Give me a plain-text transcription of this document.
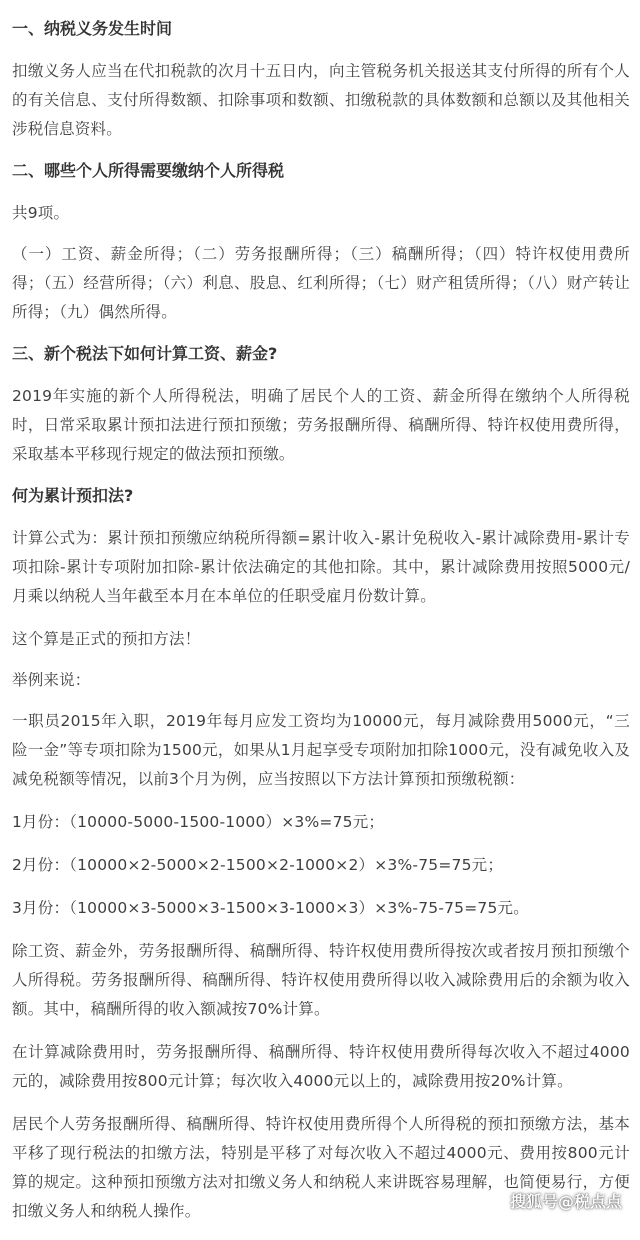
一、纳税义务发生时间
扣缴义务人应当在代扣税款的次月十五日内，向主管税务机关报送其支付所得的所有个人的有关信息、支付所得数额、扣除事项和数额、扣缴税款的具体数额和总额以及其他相关涉税信息资料。
二、哪些个人所得需要缴纳个人所得税
共9项。
（一）工资、薪金所得；（二）劳务报酬所得；（三）稿酬所得；（四）特许权使用费所得；（五）经营所得；（六）利息、股息、红利所得；（七）财产租赁所得；（八）财产转让所得；（九）偶然所得。
三、新个税法下如何计算工资、薪金?
2019年实施的新个人所得税法，明确了居民个人的工资、薪金所得在缴纳个人所得税时，日常采取累计预扣法进行预扣预缴；劳务报酬所得、稿酬所得、特许权使用费所得，采取基本平移现行规定的做法预扣预缴。
何为累计预扣法?
计算公式为：累计预扣预缴应纳税所得额=累计收入-累计免税收入-累计减除费用-累计专项扣除-累计专项附加扣除-累计依法确定的其他扣除。其中，累计减除费用按照5000元/月乘以纳税人当年截至本月在本单位的任职受雇月份数计算。
这个算是正式的预扣方法！
举例来说：
一职员2015年入职，2019年每月应发工资均为10000元，每月减除费用5000元，“三险一金”等专项扣除为1500元，如果从1月起享受专项附加扣除1000元，没有减免收入及减免税额等情况，以前3个月为例，应当按照以下方法计算预扣预缴税额：
1月份：（10000-5000-1500-1000）×3%=75元；
2月份：（10000×2-5000×2-1500×2-1000×2）×3%-75=75元；
3月份：（10000×3-5000×3-1500×3-1000×3）×3%-75-75=75元。
除工资、薪金外，劳务报酬所得、稿酬所得、特许权使用费所得按次或者按月预扣预缴个人所得税。劳务报酬所得、稿酬所得、特许权使用费所得以收入减除费用后的余额为收入额。其中，稿酬所得的收入额减按70%计算。
在计算减除费用时，劳务报酬所得、稿酬所得、特许权使用费所得每次收入不超过4000元的，减除费用按800元计算；每次收入4000元以上的，减除费用按20%计算。
居民个人劳务报酬所得、稿酬所得、特许权使用费所得个人所得税的预扣预缴方法，基本平移了现行税法的扣缴方法，特别是平移了对每次收入不超过4000元、费用按800元计算的规定。这种预扣预缴方法对扣缴义务人和纳税人来讲既容易理解，也简便易行，方便扣缴义务人和纳税人操作。	搜狐号@税点点
